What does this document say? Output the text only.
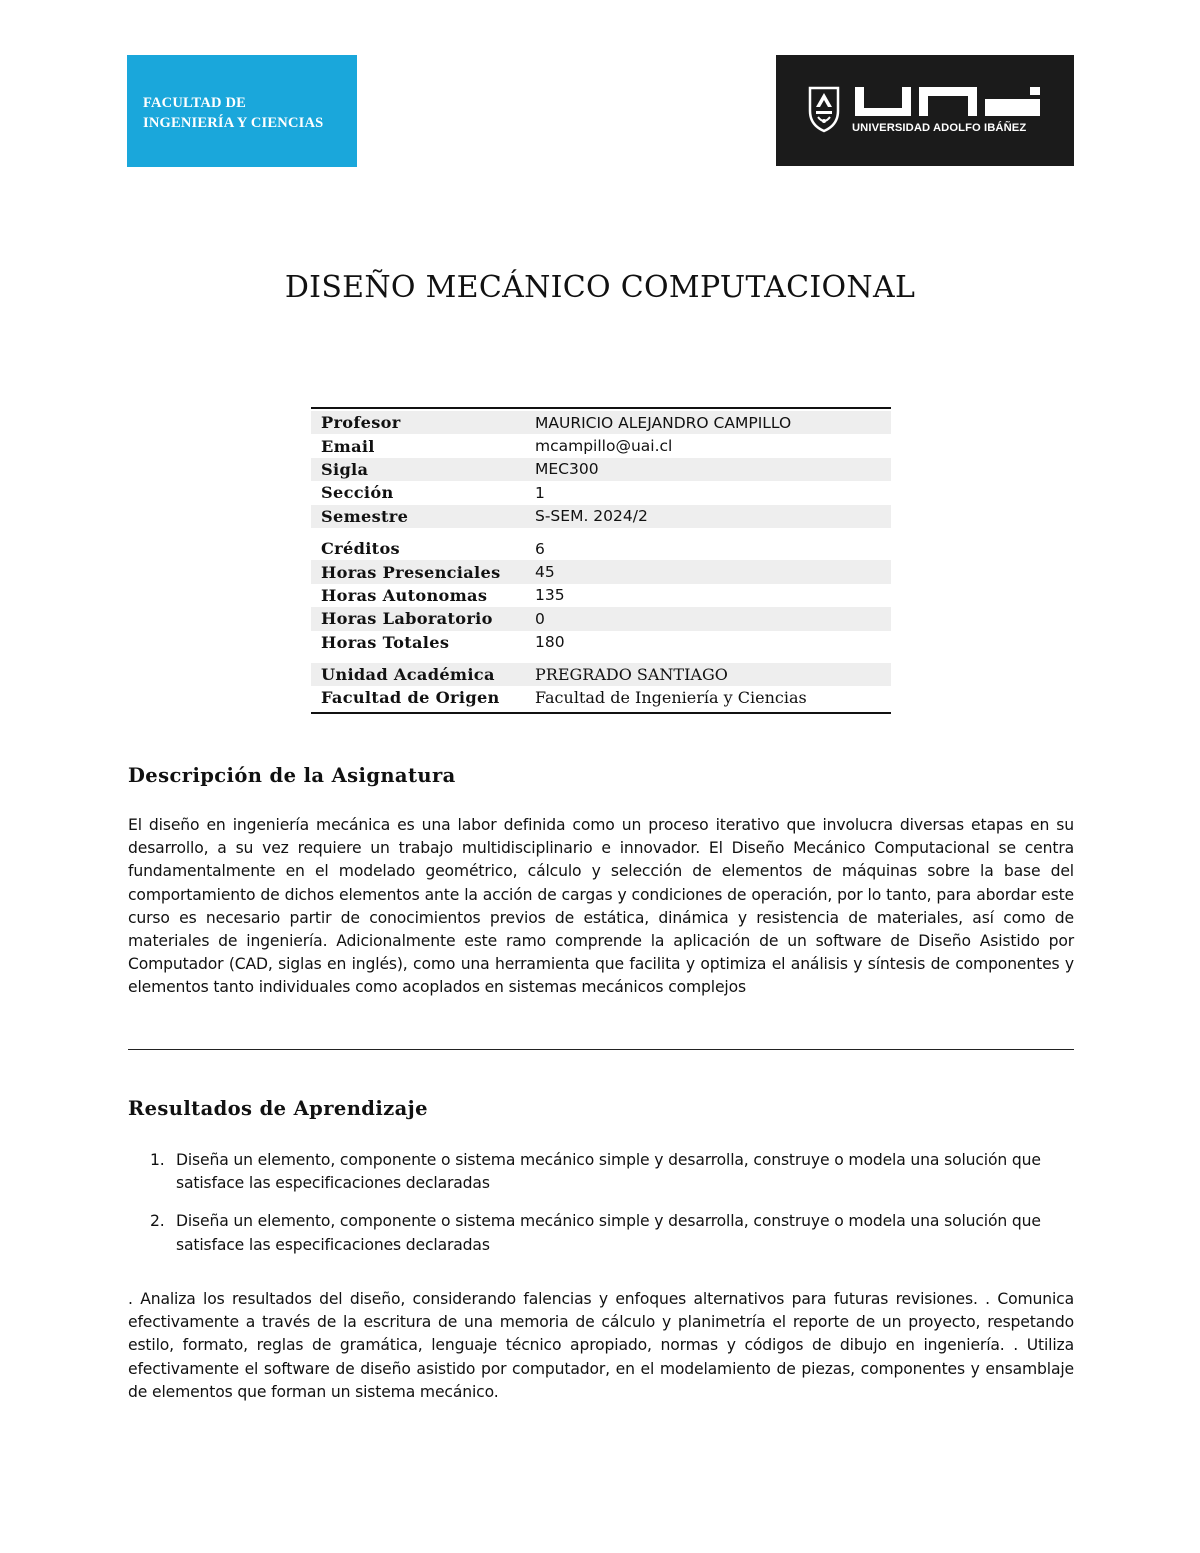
FACULTAD DE
INGENIERÍA Y CIENCIAS	UNIVERSIDAD ADOLFO IBÁÑEZ
DISEÑO MECÁNICO COMPUTACIONAL
Profesor	MAURICIO ALEJANDRO CAMPILLO
Email	mcampillo@uai.cl
Sigla	MEC300
Sección	1
Semestre	S-SEM. 2024/2
Créditos	6
Horas Presenciales	45
Horas Autonomas	135
Horas Laboratorio	0
Horas Totales	180
Unidad Académica	PREGRADO SANTIAGO
Facultad de Origen	Facultad de Ingeniería y Ciencias
Descripción de la Asignatura
El diseño en ingeniería mecánica es una labor definida como un proceso iterativo que involucra diversas etapas en su desarrollo, a su vez requiere un trabajo multidisciplinario e innovador. El Diseño Mecánico Computacional se centra fundamentalmente en el modelado geométrico, cálculo y selección de elementos de máquinas sobre la base del comportamiento de dichos elementos ante la acción de cargas y condiciones de operación, por lo tanto, para abordar este curso es necesario partir de conocimientos previos de estática, dinámica y resistencia de materiales, así como de materiales de ingeniería. Adicionalmente este ramo comprende la aplicación de un software de Diseño Asistido por Computador (CAD, siglas en inglés), como una herramienta que facilita y optimiza el análisis y síntesis de componentes y elementos tanto individuales como acoplados en sistemas mecánicos complejos
Resultados de Aprendizaje
1. Diseña un elemento, componente o sistema mecánico simple y desarrolla, construye o modela una solución que satisface las especificaciones declaradas
2. Diseña un elemento, componente o sistema mecánico simple y desarrolla, construye o modela una solución que satisface las especificaciones declaradas
. Analiza los resultados del diseño, considerando falencias y enfoques alternativos para futuras revisiones. . Comunica efectivamente a través de la escritura de una memoria de cálculo y planimetría el reporte de un proyecto, respetando estilo, formato, reglas de gramática, lenguaje técnico apropiado, normas y códigos de dibujo en ingeniería. . Utiliza efectivamente el software de diseño asistido por computador, en el modelamiento de piezas, componentes y ensamblaje de elementos que forman un sistema mecánico.
